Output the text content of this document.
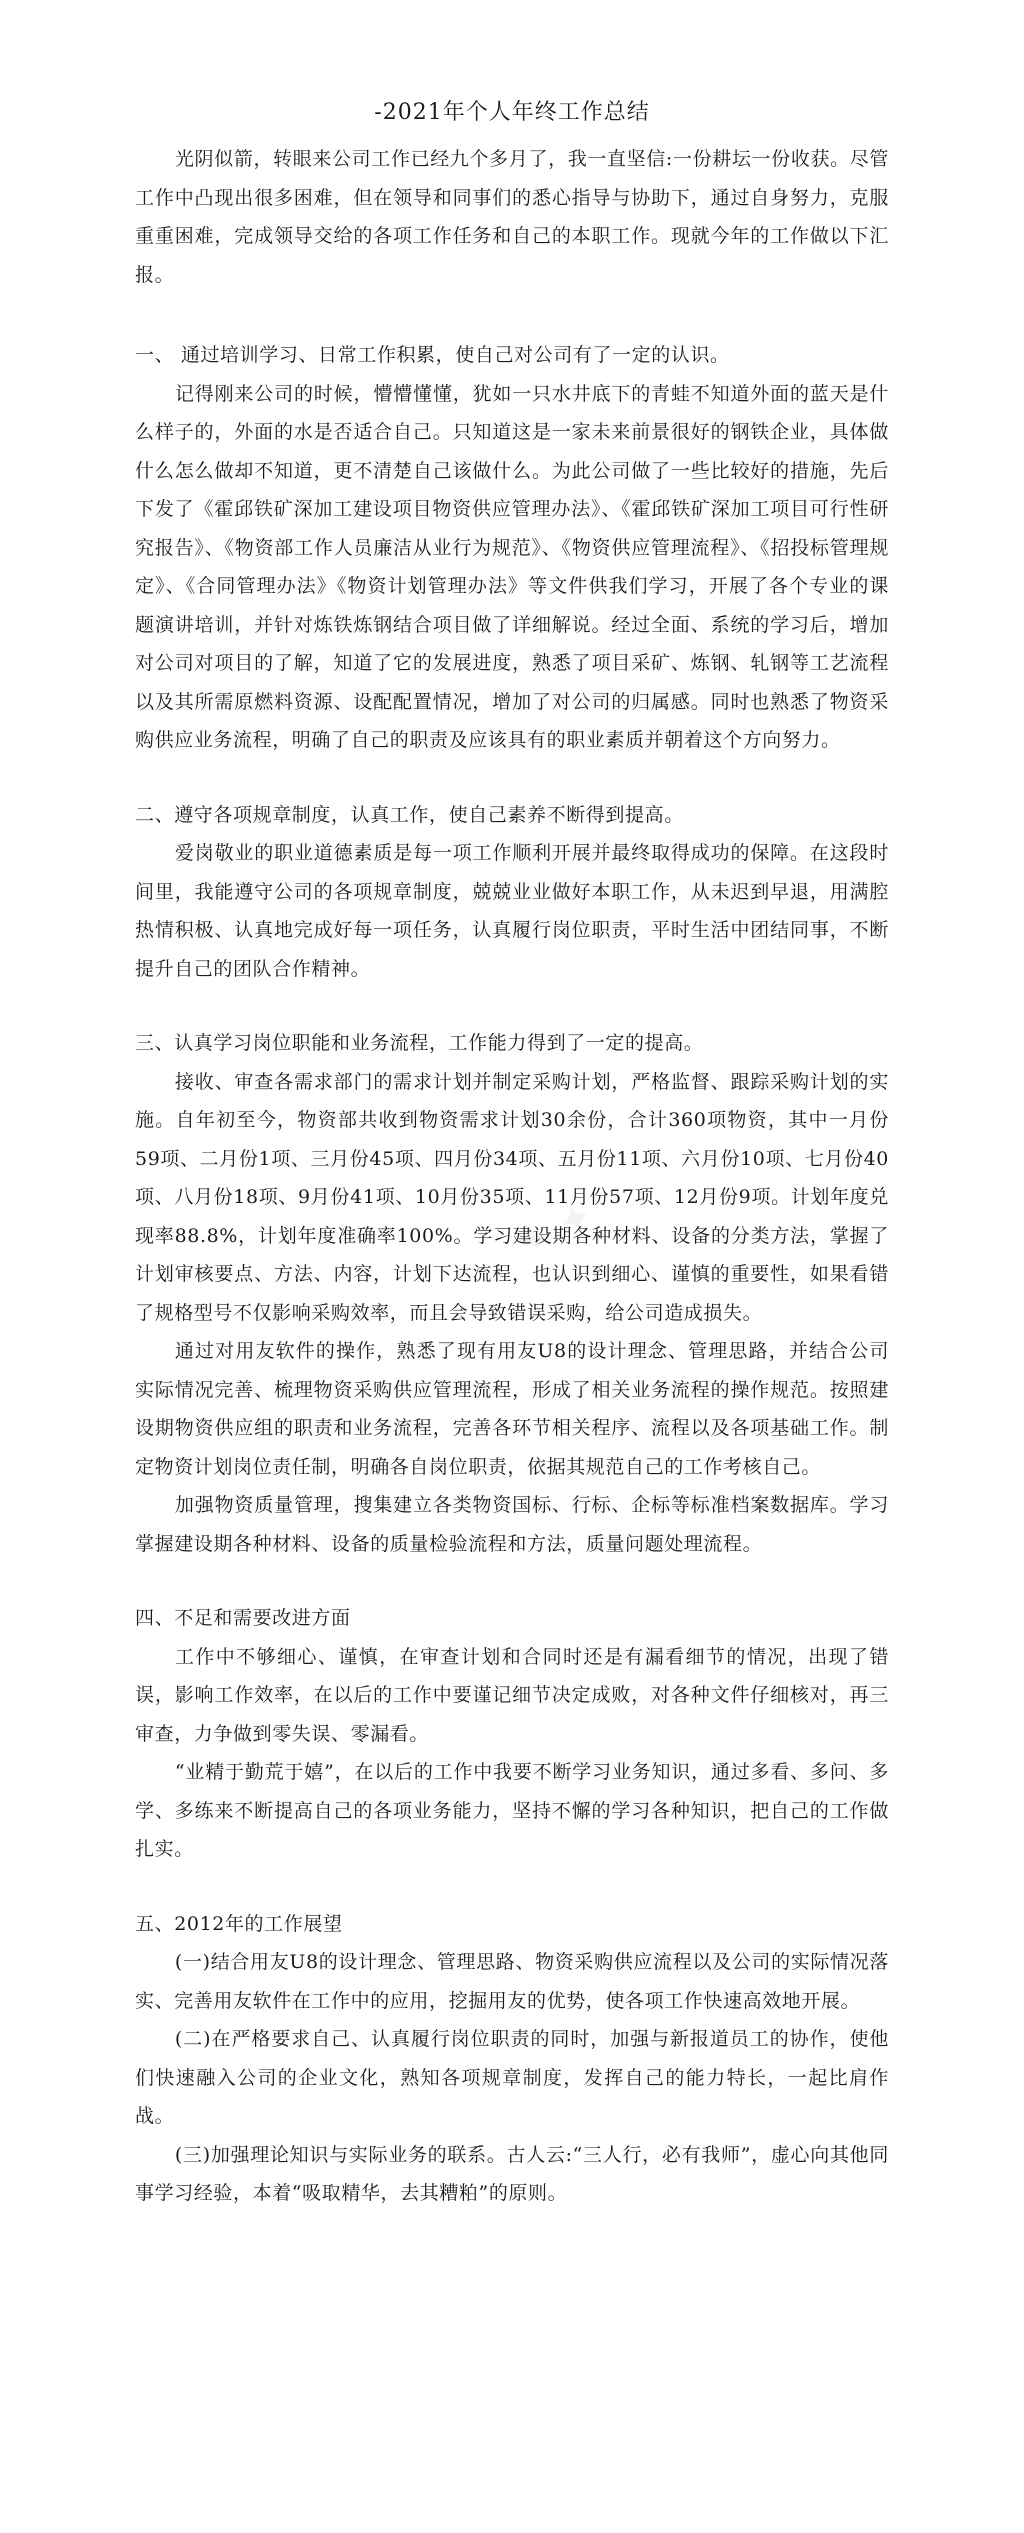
-2021年个人年终工作总结

光阴似箭，转眼来公司工作已经九个多月了，我一直坚信:一份耕坛一份收获。尽管工作中凸现出很多困难，但在领导和同事们的悉心指导与协助下，通过自身努力，克服重重困难，完成领导交给的各项工作任务和自己的本职工作。现就今年的工作做以下汇报。

一、 通过培训学习、日常工作积累，使自己对公司有了一定的认识。

记得刚来公司的时候，懵懵懂懂，犹如一只水井底下的青蛙不知道外面的蓝天是什么样子的，外面的水是否适合自己。只知道这是一家未来前景很好的钢铁企业，具体做什么怎么做却不知道，更不清楚自己该做什么。为此公司做了一些比较好的措施，先后下发了《霍邱铁矿深加工建设项目物资供应管理办法》、《霍邱铁矿深加工项目可行性研究报告》、《物资部工作人员廉洁从业行为规范》、《物资供应管理流程》、《招投标管理规定》、《合同管理办法》《物资计划管理办法》等文件供我们学习，开展了各个专业的课题演讲培训，并针对炼铁炼钢结合项目做了详细解说。经过全面、系统的学习后，增加对公司对项目的了解，知道了它的发展进度，熟悉了项目采矿、炼钢、轧钢等工艺流程以及其所需原燃料资源、设配配置情况，增加了对公司的归属感。同时也熟悉了物资采购供应业务流程，明确了自己的职责及应该具有的职业素质并朝着这个方向努力。

二、遵守各项规章制度，认真工作，使自己素养不断得到提高。

爱岗敬业的职业道德素质是每一项工作顺利开展并最终取得成功的保障。在这段时间里，我能遵守公司的各项规章制度，兢兢业业做好本职工作，从未迟到早退，用满腔热情积极、认真地完成好每一项任务，认真履行岗位职责，平时生活中团结同事，不断提升自己的团队合作精神。

三、认真学习岗位职能和业务流程，工作能力得到了一定的提高。

接收、审查各需求部门的需求计划并制定采购计划，严格监督、跟踪采购计划的实施。自年初至今，物资部共收到物资需求计划30余份，合计360项物资，其中一月份59项、二月份1项、三月份45项、四月份34项、五月份11项、六月份10项、七月份40项、八月份18项、9月份41项、10月份35项、11月份57项、12月份9项。计划年度兑现率88.8%，计划年度准确率100%。学习建设期各种材料、设备的分类方法，掌握了计划审核要点、方法、内容，计划下达流程，也认识到细心、谨慎的重要性，如果看错了规格型号不仅影响采购效率，而且会导致错误采购，给公司造成损失。

通过对用友软件的操作，熟悉了现有用友U8的设计理念、管理思路，并结合公司实际情况完善、梳理物资采购供应管理流程，形成了相关业务流程的操作规范。按照建设期物资供应组的职责和业务流程，完善各环节相关程序、流程以及各项基础工作。制定物资计划岗位责任制，明确各自岗位职责，依据其规范自己的工作考核自己。

加强物资质量管理，搜集建立各类物资国标、行标、企标等标准档案数据库。学习掌握建设期各种材料、设备的质量检验流程和方法，质量问题处理流程。

四、不足和需要改进方面

工作中不够细心、谨慎，在审查计划和合同时还是有漏看细节的情况，出现了错误，影响工作效率，在以后的工作中要谨记细节决定成败，对各种文件仔细核对，再三审查，力争做到零失误、零漏看。

“业精于勤荒于嬉”，在以后的工作中我要不断学习业务知识，通过多看、多问、多学、多练来不断提高自己的各项业务能力，坚持不懈的学习各种知识，把自己的工作做扎实。

五、2012年的工作展望

(一)结合用友U8的设计理念、管理思路、物资采购供应流程以及公司的实际情况落实、完善用友软件在工作中的应用，挖掘用友的优势，使各项工作快速高效地开展。

(二)在严格要求自己、认真履行岗位职责的同时，加强与新报道员工的协作，使他们快速融入公司的企业文化，熟知各项规章制度，发挥自己的能力特长，一起比肩作战。

(三)加强理论知识与实际业务的联系。古人云:“三人行，必有我师”，虚心向其他同事学习经验，本着“吸取精华，去其糟粕”的原则。

✦ ✦
